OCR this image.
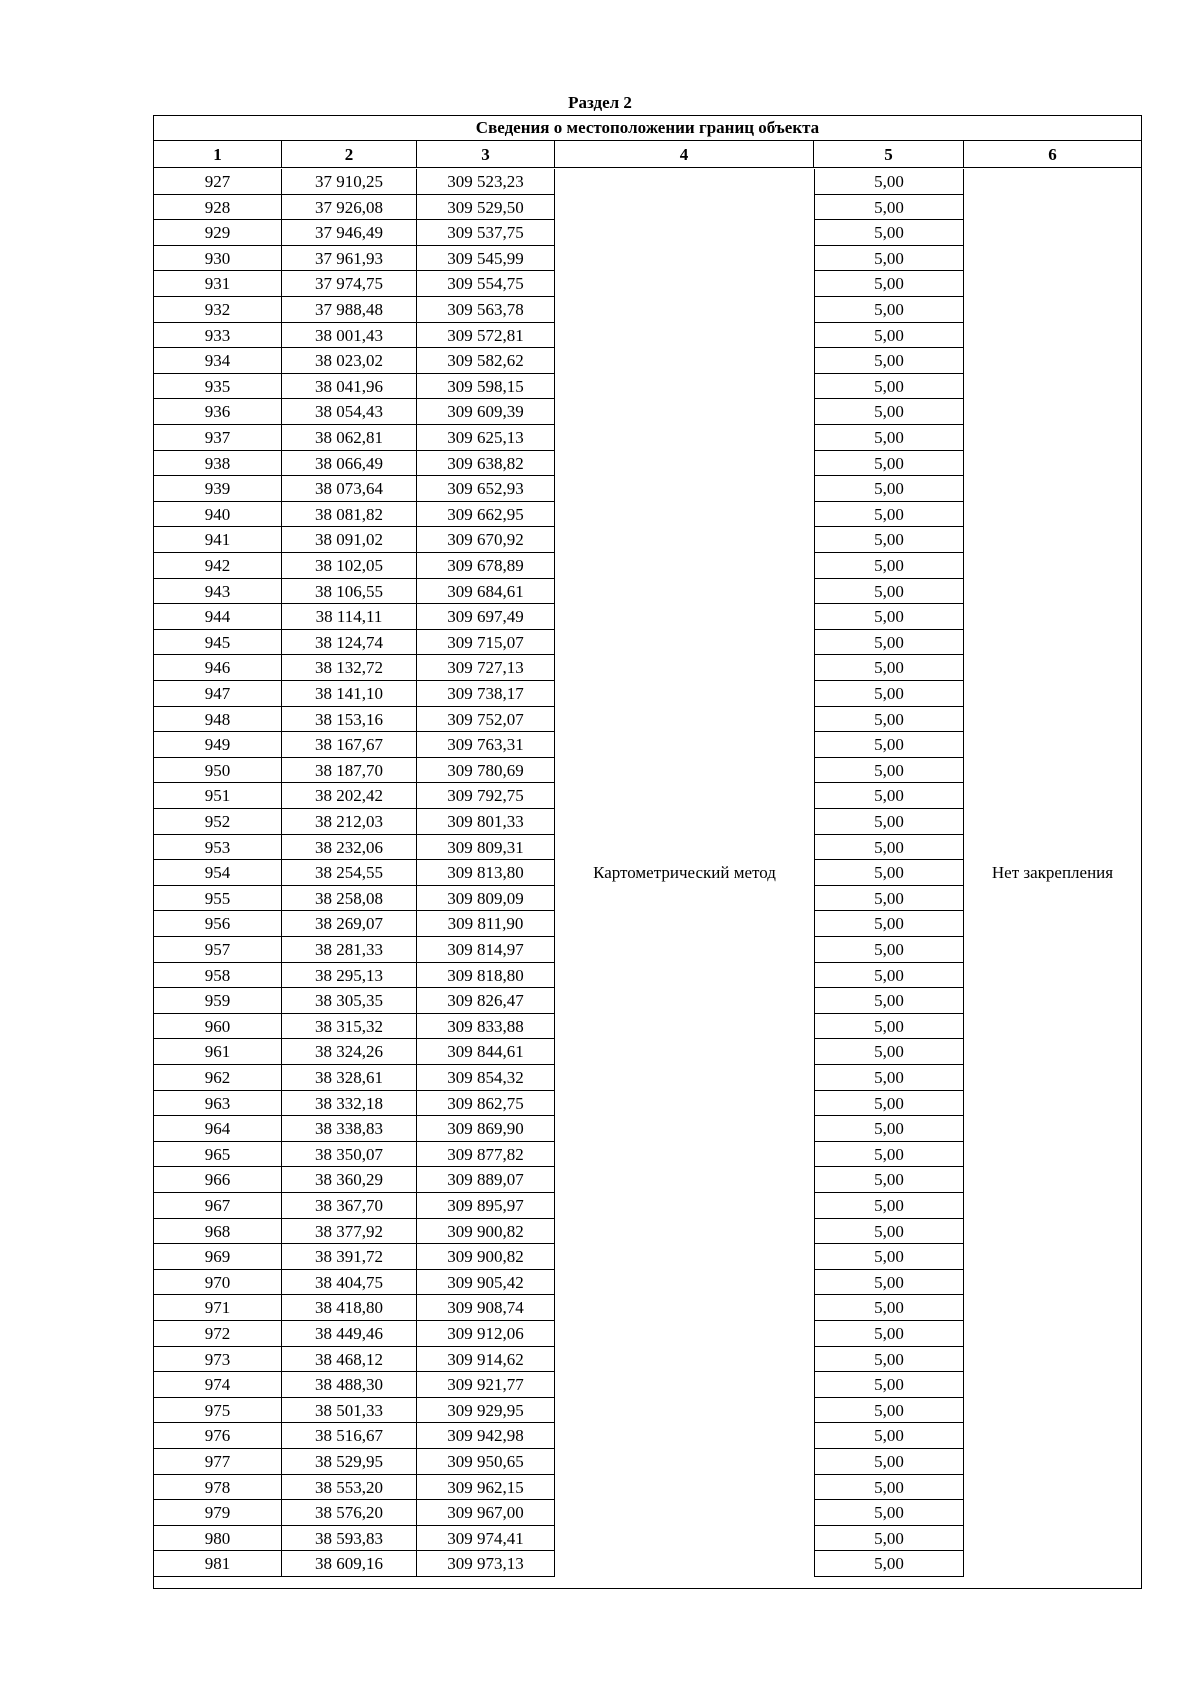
Раздел 2
Сведения о местоположении границ объекта
1	2	3	4	5	6
Картометрический метод	Нет закрепления
927	37 910,25	309 523,23	5,00
928	37 926,08	309 529,50	5,00
929	37 946,49	309 537,75	5,00
930	37 961,93	309 545,99	5,00
931	37 974,75	309 554,75	5,00
932	37 988,48	309 563,78	5,00
933	38 001,43	309 572,81	5,00
934	38 023,02	309 582,62	5,00
935	38 041,96	309 598,15	5,00
936	38 054,43	309 609,39	5,00
937	38 062,81	309 625,13	5,00
938	38 066,49	309 638,82	5,00
939	38 073,64	309 652,93	5,00
940	38 081,82	309 662,95	5,00
941	38 091,02	309 670,92	5,00
942	38 102,05	309 678,89	5,00
943	38 106,55	309 684,61	5,00
944	38 114,11	309 697,49	5,00
945	38 124,74	309 715,07	5,00
946	38 132,72	309 727,13	5,00
947	38 141,10	309 738,17	5,00
948	38 153,16	309 752,07	5,00
949	38 167,67	309 763,31	5,00
950	38 187,70	309 780,69	5,00
951	38 202,42	309 792,75	5,00
952	38 212,03	309 801,33	5,00
953	38 232,06	309 809,31	5,00
954	38 254,55	309 813,80	5,00
955	38 258,08	309 809,09	5,00
956	38 269,07	309 811,90	5,00
957	38 281,33	309 814,97	5,00
958	38 295,13	309 818,80	5,00
959	38 305,35	309 826,47	5,00
960	38 315,32	309 833,88	5,00
961	38 324,26	309 844,61	5,00
962	38 328,61	309 854,32	5,00
963	38 332,18	309 862,75	5,00
964	38 338,83	309 869,90	5,00
965	38 350,07	309 877,82	5,00
966	38 360,29	309 889,07	5,00
967	38 367,70	309 895,97	5,00
968	38 377,92	309 900,82	5,00
969	38 391,72	309 900,82	5,00
970	38 404,75	309 905,42	5,00
971	38 418,80	309 908,74	5,00
972	38 449,46	309 912,06	5,00
973	38 468,12	309 914,62	5,00
974	38 488,30	309 921,77	5,00
975	38 501,33	309 929,95	5,00
976	38 516,67	309 942,98	5,00
977	38 529,95	309 950,65	5,00
978	38 553,20	309 962,15	5,00
979	38 576,20	309 967,00	5,00
980	38 593,83	309 974,41	5,00
981	38 609,16	309 973,13	5,00
